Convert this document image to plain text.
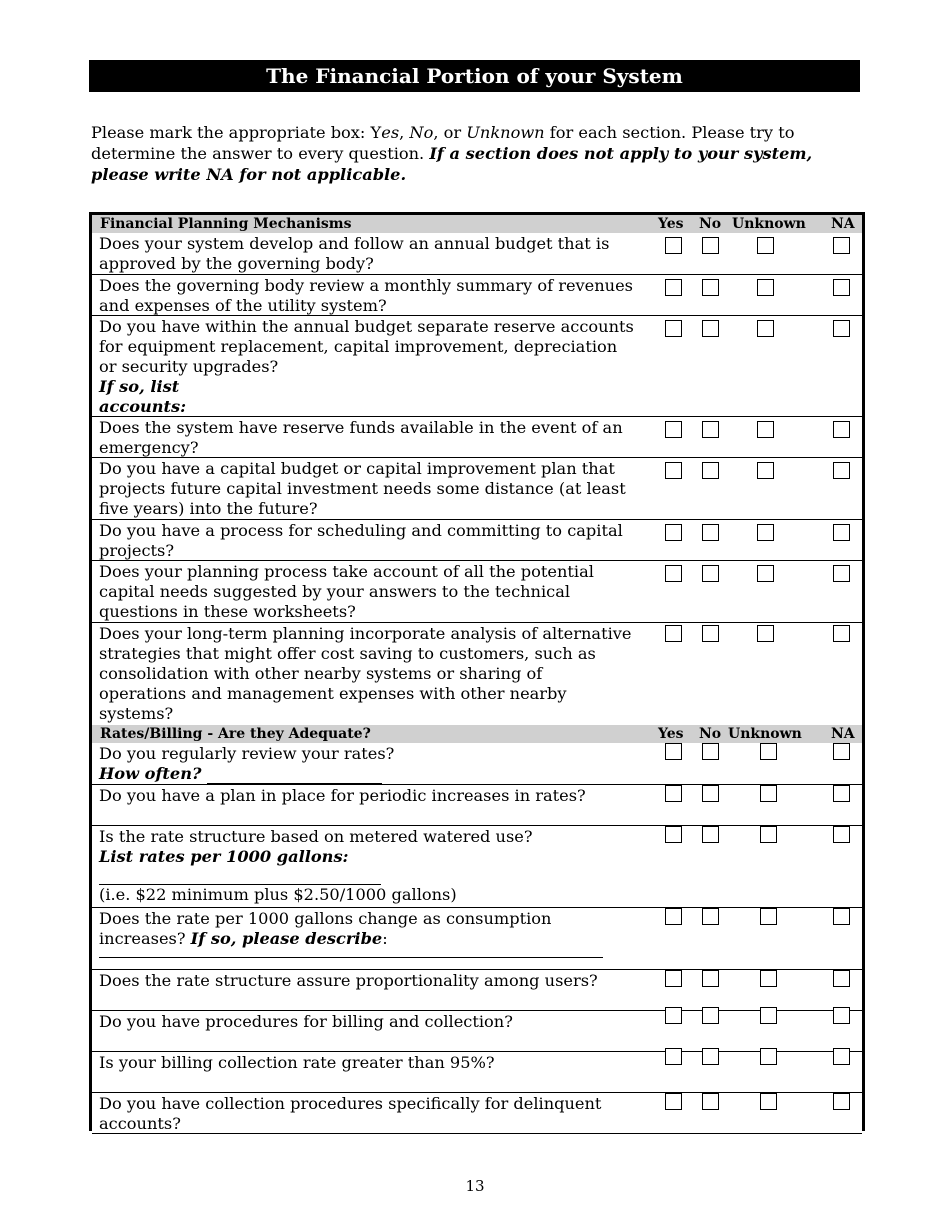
The Financial Portion of your System
Please mark the appropriate box: Yes, No, or Unknown for each section. Please try to determine the answer to every question. If a section does not apply to your system, please write NA for not applicable.
Financial Planning Mechanisms	Yes No Unknown NA
Does your system develop and follow an annual budget that is approved by the governing body?
Does the governing body review a monthly summary of revenues and expenses of the utility system?
Do you have within the annual budget separate reserve accounts for equipment replacement, capital improvement, depreciation or security upgrades?
If so, list
accounts:
Does the system have reserve funds available in the event of an emergency?
Do you have a capital budget or capital improvement plan that projects future capital investment needs some distance (at least five years) into the future?
Do you have a process for scheduling and committing to capital projects?
Does your planning process take account of all the potential capital needs suggested by your answers to the technical questions in these worksheets?
Does your long-term planning incorporate analysis of alternative strategies that might offer cost saving to customers, such as consolidation with other nearby systems or sharing of operations and management expenses with other nearby systems?
Rates/Billing - Are they Adequate?	Yes No Unknown NA
Do you regularly review your rates?
How often?
Do you have a plan in place for periodic increases in rates?
Is the rate structure based on metered watered use?
List rates per 1000 gallons:
(i.e. $22 minimum plus $2.50/1000 gallons)
Does the rate per 1000 gallons change as consumption increases? If so, please describe:
Does the rate structure assure proportionality among users?
Do you have procedures for billing and collection?
Is your billing collection rate greater than 95%?
Do you have collection procedures specifically for delinquent accounts?
13
